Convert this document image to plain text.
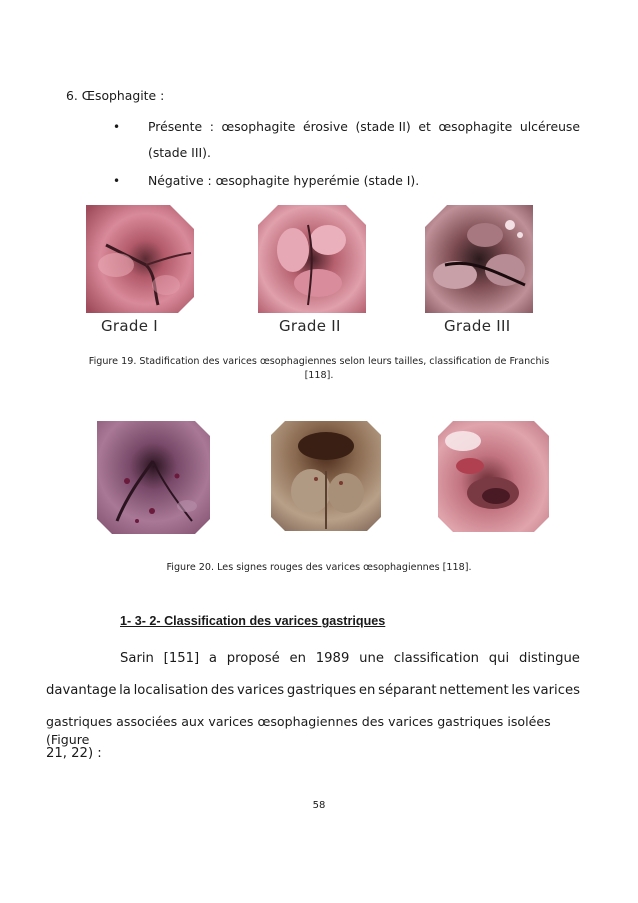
6. Œsophagite :
• Présente : œsophagite érosive (stade II) et œsophagite ulcéreuse
(stade III).
• Négative : œsophagite hyperémie (stade I).
Grade I	Grade II	Grade III
Figure 19. Stadification des varices œsophagiennes selon leurs tailles, classification de Franchis
[118].
Figure 20. Les signes rouges des varices œsophagiennes [118].
1- 3- 2- Classification des varices gastriques
Sarin [151] a proposé en 1989 une classification qui distingue
davantage la localisation des varices gastriques en séparant nettement les varices
gastriques associées aux varices œsophagiennes des varices gastriques isolées (Figure
21, 22) :
58
